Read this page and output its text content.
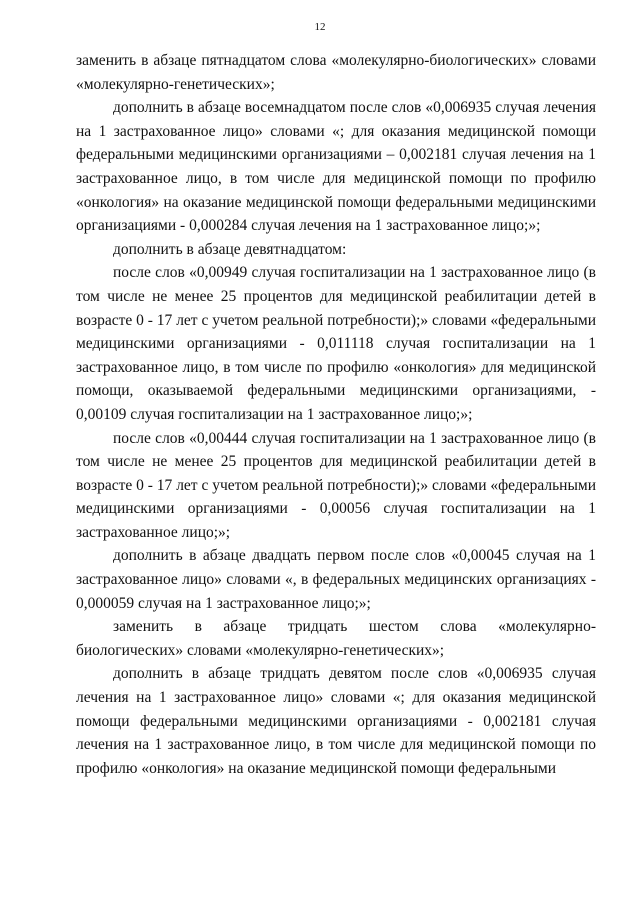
12

заменить в абзаце пятнадцатом слова «молекулярно-биологических» словами «молекулярно-генетических»;

дополнить в абзаце восемнадцатом после слов «0,006935 случая лечения на 1 застрахованное лицо» словами «; для оказания медицинской помощи федеральными медицинскими организациями – 0,002181 случая лечения на 1 застрахованное лицо, в том числе для медицинской помощи по профилю «онкология» на оказание медицинской помощи федеральными медицинскими организациями - 0,000284 случая лечения на 1 застрахованное лицо;»;

дополнить в абзаце девятнадцатом:

после слов «0,00949 случая госпитализации на 1 застрахованное лицо (в том числе не менее 25 процентов для медицинской реабилитации детей в возрасте 0 - 17 лет с учетом реальной потребности);» словами «федеральными медицинскими организациями - 0,011118 случая госпитализации на 1 застрахованное лицо, в том числе по профилю «онкология» для медицинской помощи, оказываемой федеральными медицинскими организациями, - 0,00109 случая госпитализации на 1 застрахованное лицо;»;

после слов «0,00444 случая госпитализации на 1 застрахованное лицо (в том числе не менее 25 процентов для медицинской реабилитации детей в возрасте 0 - 17 лет с учетом реальной потребности);» словами «федеральными медицинскими организациями - 0,00056 случая госпитализации на 1 застрахованное лицо;»;

дополнить в абзаце двадцать первом после слов «0,00045 случая на 1 застрахованное лицо» словами «, в федеральных медицинских организациях - 0,000059 случая на 1 застрахованное лицо;»;

заменить в абзаце тридцать шестом слова «молекулярно-биологических» словами «молекулярно-генетических»;

дополнить в абзаце тридцать девятом после слов «0,006935 случая лечения на 1 застрахованное лицо» словами «; для оказания медицинской помощи федеральными медицинскими организациями - 0,002181 случая лечения на 1 застрахованное лицо, в том числе для медицинской помощи по профилю «онкология» на оказание медицинской помощи федеральными
